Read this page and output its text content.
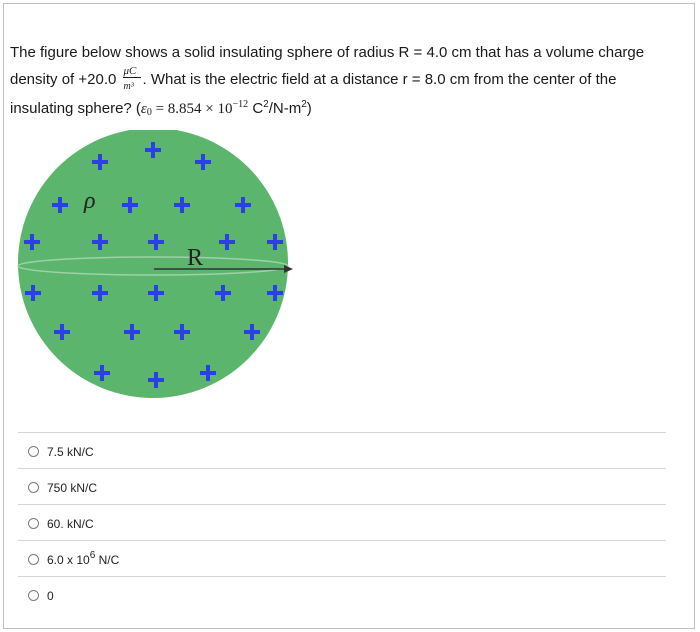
The figure below shows a solid insulating sphere of radius R = 4.0 cm that has a volume charge
density of $+20.0 \frac{\mu C}{\text{m³}}$ . What is the electric field at a distance r = 8.0 cm from the center of the
insulating sphere? ($\varepsilon_0 = 8.854 \times 10^{-12}$ $C^2/N-m^2$)
ρ
R
7.5 kN/C
750 kN/C
60. kN/C
6.0 x $10^6$ N/C
0
